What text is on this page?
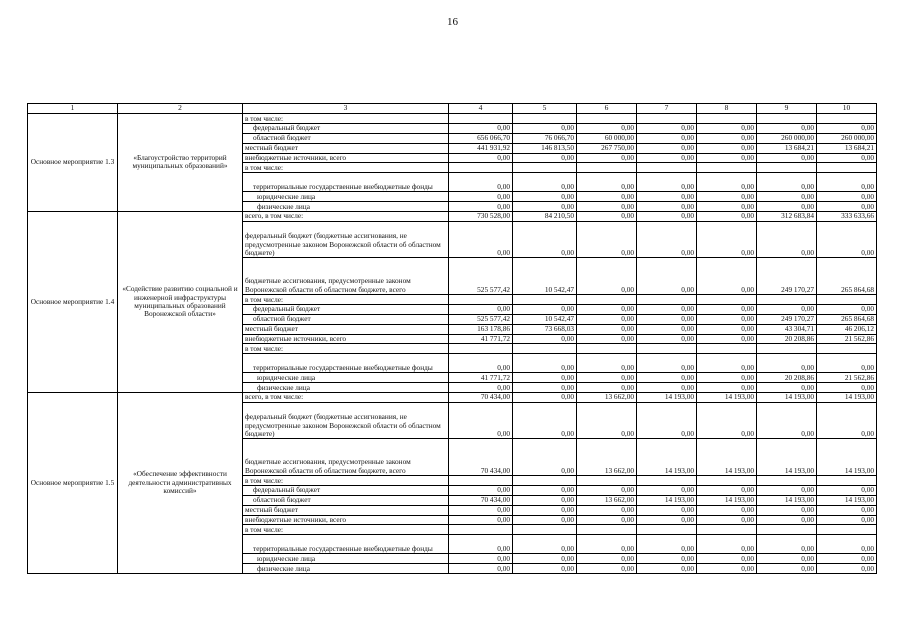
16
1	2	3	4	5	6	7	8	9	10
Основное мероприятие 1.3	«Благоустройство территорий муниципальных образований»	в том числе:							
		федеральный бюджет	0,00	0,00	0,00	0,00	0,00	0,00	0,00
		областной бюджет	656 066,70	76 066,70	60 000,00	0,00	0,00	260 000,00	260 000,00
		местный бюджет	441 931,92	146 813,50	267 750,00	0,00	0,00	13 684,21	13 684,21
		внебюджетные источники, всего	0,00	0,00	0,00	0,00	0,00	0,00	0,00
		в том числе:							
		территориальные государственные внебюджетные фонды	0,00	0,00	0,00	0,00	0,00	0,00	0,00
		юридические лица	0,00	0,00	0,00	0,00	0,00	0,00	0,00
		физические лица	0,00	0,00	0,00	0,00	0,00	0,00	0,00
Основное мероприятие 1.4	«Содействие развитию социальной и инженерной инфраструктуры муниципальных образований Воронежской области»	всего, в том числе:	730 528,00	84 210,50	0,00	0,00	0,00	312 683,84	333 633,66
		федеральный бюджет (бюджетные ассигнования, не предусмотренные законом Воронежской области об областном бюджете)	0,00	0,00	0,00	0,00	0,00	0,00	0,00
		бюджетные ассигнования, предусмотренные законом Воронежской области об областном бюджете, всего	525 577,42	10 542,47	0,00	0,00	0,00	249 170,27	265 864,68
		в том числе:							
		федеральный бюджет	0,00	0,00	0,00	0,00	0,00	0,00	0,00
		областной бюджет	525 577,42	10 542,47	0,00	0,00	0,00	249 170,27	265 864,68
		местный бюджет	163 178,86	73 668,03	0,00	0,00	0,00	43 304,71	46 206,12
		внебюджетные источники, всего	41 771,72	0,00	0,00	0,00	0,00	20 208,86	21 562,86
		в том числе:							
		территориальные государственные внебюджетные фонды	0,00	0,00	0,00	0,00	0,00	0,00	0,00
		юридические лица	41 771,72	0,00	0,00	0,00	0,00	20 208,86	21 562,86
		физические лица	0,00	0,00	0,00	0,00	0,00	0,00	0,00
Основное мероприятие 1.5	«Обеспечение эффективности деятельности административных комиссий»	всего, в том числе:	70 434,00	0,00	13 662,00	14 193,00	14 193,00	14 193,00	14 193,00
		федеральный бюджет (бюджетные ассигнования, не предусмотренные законом Воронежской области об областном бюджете)	0,00	0,00	0,00	0,00	0,00	0,00	0,00
		бюджетные ассигнования, предусмотренные законом Воронежской области об областном бюджете, всего	70 434,00	0,00	13 662,00	14 193,00	14 193,00	14 193,00	14 193,00
		в том числе:							
		федеральный бюджет	0,00	0,00	0,00	0,00	0,00	0,00	0,00
		областной бюджет	70 434,00	0,00	13 662,00	14 193,00	14 193,00	14 193,00	14 193,00
		местный бюджет	0,00	0,00	0,00	0,00	0,00	0,00	0,00
		внебюджетные источники, всего	0,00	0,00	0,00	0,00	0,00	0,00	0,00
		в том числе:							
		территориальные государственные внебюджетные фонды	0,00	0,00	0,00	0,00	0,00	0,00	0,00
		юридические лица	0,00	0,00	0,00	0,00	0,00	0,00	0,00
		физические лица	0,00	0,00	0,00	0,00	0,00	0,00	0,00
